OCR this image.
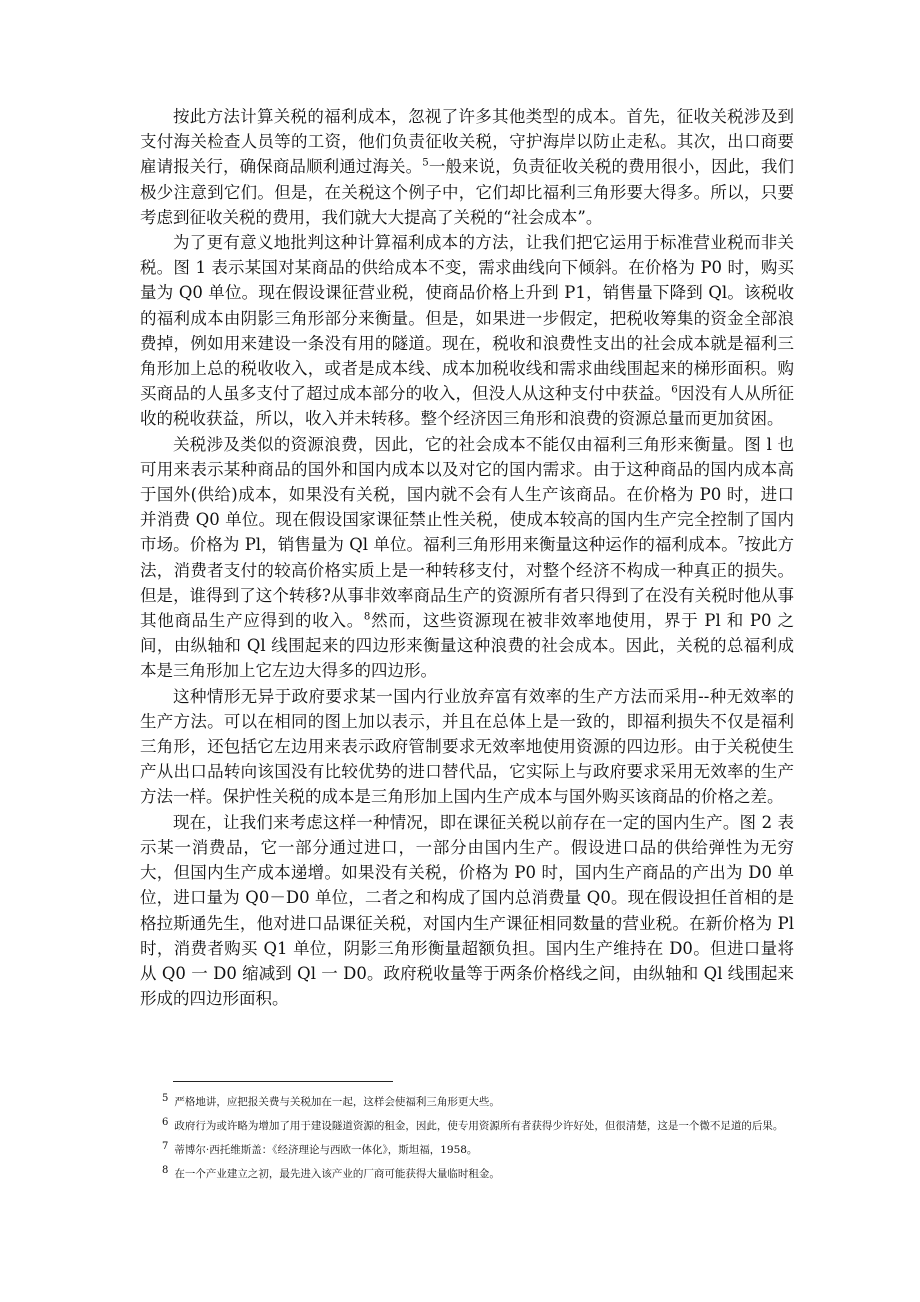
按此方法计算关税的福利成本，忽视了许多其他类型的成本。首先，征收关税涉及到支付海关检查人员等的工资，他们负责征收关税，守护海岸以防止走私。其次，出口商要雇请报关行，确保商品顺利通过海关。$^5$一般来说，负责征收关税的费用很小，因此，我们极少注意到它们。但是，在关税这个例子中，它们却比福利三角形要大得多。所以，只要考虑到征收关税的费用，我们就大大提高了关税的“社会成本”。

为了更有意义地批判这种计算福利成本的方法，让我们把它运用于标准营业税而非关税。图 1 表示某国对某商品的供给成本不变，需求曲线向下倾斜。在价格为 P0 时，购买量为 Q0 单位。现在假设课征营业税，使商品价格上升到 P1，销售量下降到 Ql。该税收的福利成本由阴影三角形部分来衡量。但是，如果进一步假定，把税收筹集的资金全部浪费掉，例如用来建设一条没有用的隧道。现在，税收和浪费性支出的社会成本就是福利三角形加上总的税收收入，或者是成本线、成本加税收线和需求曲线围起来的梯形面积。购买商品的人虽多支付了超过成本部分的收入，但没人从这种支付中获益。$^6$因没有人从所征收的税收获益，所以，收入并未转移。整个经济因三角形和浪费的资源总量而更加贫困。

关税涉及类似的资源浪费，因此，它的社会成本不能仅由福利三角形来衡量。图 l 也可用来表示某种商品的国外和国内成本以及对它的国内需求。由于这种商品的国内成本高于国外(供给)成本，如果没有关税，国内就不会有人生产该商品。在价格为 P0 时，进口并消费 Q0 单位。现在假设国家课征禁止性关税，使成本较高的国内生产完全控制了国内市场。价格为 Pl，销售量为 Ql 单位。福利三角形用来衡量这种运作的福利成本。$^7$按此方法，消费者支付的较高价格实质上是一种转移支付，对整个经济不构成一种真正的损失。但是，谁得到了这个转移?从事非效率商品生产的资源所有者只得到了在没有关税时他从事其他商品生产应得到的收入。$^8$然而，这些资源现在被非效率地使用，界于 Pl 和 P0 之间，由纵轴和 Ql 线围起来的四边形来衡量这种浪费的社会成本。因此，关税的总福利成本是三角形加上它左边大得多的四边形。

这种情形无异于政府要求某一国内行业放弃富有效率的生产方法而采用--种无效率的生产方法。可以在相同的图上加以表示，并且在总体上是一致的，即福利损失不仅是福利三角形，还包括它左边用来表示政府管制要求无效率地使用资源的四边形。由于关税使生产从出口品转向该国没有比较优势的进口替代品，它实际上与政府要求采用无效率的生产方法一样。保护性关税的成本是三角形加上国内生产成本与国外购买该商品的价格之差。

现在，让我们来考虑这样一种情况，即在课征关税以前存在一定的国内生产。图 2 表示某一消费品，它一部分通过进口，一部分由国内生产。假设进口品的供给弹性为无穷大，但国内生产成本递增。如果没有关税，价格为 P0 时，国内生产商品的产出为 D0 单位，进口量为 Q0－D0 单位，二者之和构成了国内总消费量 Q0。现在假设担任首相的是格拉斯通先生，他对进口品课征关税，对国内生产课征相同数量的营业税。在新价格为 Pl 时，消费者购买 Q1 单位，阴影三角形衡量超额负担。国内生产维持在 D0。但进口量将从 Q0 一 D0 缩减到 Ql 一 D0。政府税收量等于两条价格线之间，由纵轴和 Ql 线围起来形成的四边形面积。

$^5$ 严格地讲，应把报关费与关税加在一起，这样会使福利三角形更大些。

$^6$ 政府行为或许略为增加了用于建设隧道资源的租金，因此，使专用资源所有者获得少许好处，但很清楚，这是一个微不足道的后果。

$^7$ 蒂博尔·西托维斯盖：《经济理论与西欧一体化》，斯坦福，1958。

$^8$ 在一个产业建立之初，最先进入该产业的厂商可能获得大量临时租金。
